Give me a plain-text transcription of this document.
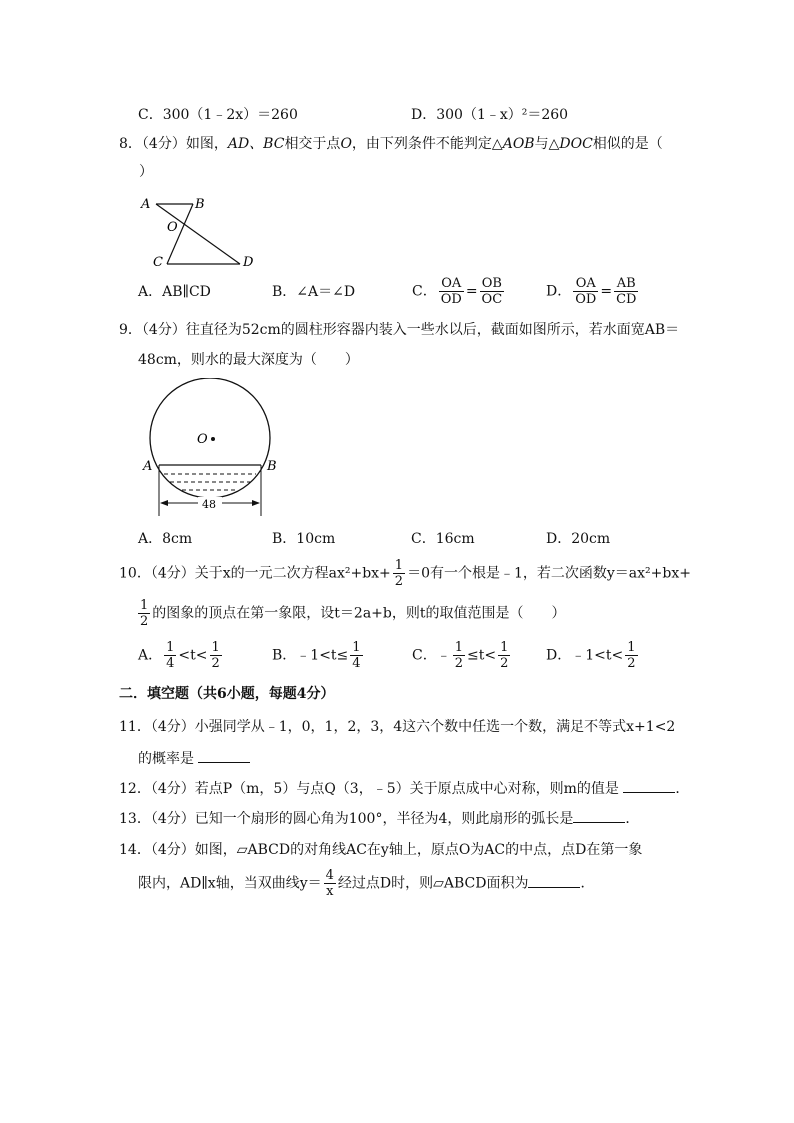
C．300（1﹣2x）＝260	D．300（1﹣x）²＝260
8．（4分）如图，AD、BC相交于点O，由下列条件不能判定△AOB与△DOC相似的是（
）
A	B
O
C	D
A．AB∥CD	B．∠A＝∠D	C． $\frac{OA}{OD} = \frac{OB}{OC}$	D． $\frac{OA}{OD} = \frac{AB}{CD}$
9．（4分）往直径为52cm的圆柱形容器内装入一些水以后，截面如图所示，若水面宽AB＝
48cm，则水的最大深度为（　　）
O
A	B
48
A．8cm	B．10cm	C．16cm	D．20cm
10．（4分）关于x的一元二次方程$ax^2+bx+ \frac{1}{2} =0$有一个根是﹣1，若二次函数y＝ax²+bx+
$\frac{1}{2}$ 的图象的顶点在第一象限，设t＝2a+b，则t的取值范围是（　　）
A． $\frac{1}{4} <t< \frac{1}{2}$	B．﹣1<t≤ $\frac{1}{4}$	C．﹣ $\frac{1}{2} \le t< \frac{1}{2}$	D．﹣1<t< $\frac{1}{2}$
二．填空题（共6小题，每题4分）
11．（4分）小强同学从﹣1，0，1，2，3，4这六个数中任选一个数，满足不等式x+1<2
的概率是
12．（4分）若点P（m，5）与点Q（3，﹣5）关于原点成中心对称，则m的值是	．
13．（4分）已知一个扇形的圆心角为100°，半径为4，则此扇形的弧长是	．
14．（4分）如图，▱ABCD的对角线AC在y轴上，原点O为AC的中点，点D在第一象
限内，AD∥x轴，当双曲线$y= \frac{4}{x}$ 经过点D时，则▱ABCD面积为	．
